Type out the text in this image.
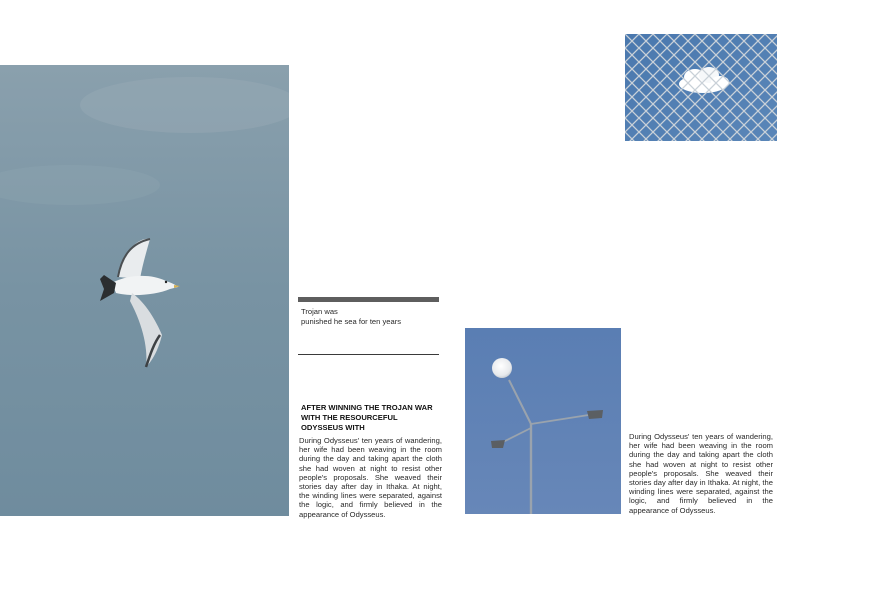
Trojan was
punished he sea for ten years
AFTER WINNING THE TROJAN WAR
WITH THE RESOURCEFUL
ODYSSEUS WITH

During Odysseus' ten years of wandering, her wife had been weaving in the room during the day and taking apart the cloth she had woven at night to resist other people's proposals. She weaved their stories day after day in Ithaka. At night, the winding lines were separated, against the logic, and firmly believed in the appearance of Odysseus.

During Odysseus' ten years of wandering, her wife had been weaving in the room during the day and taking apart the cloth she had woven at night to resist other people's proposals. She weaved their stories day after day in Ithaka. At night, the winding lines were separated, against the logic, and firmly believed in the appearance of Odysseus.
